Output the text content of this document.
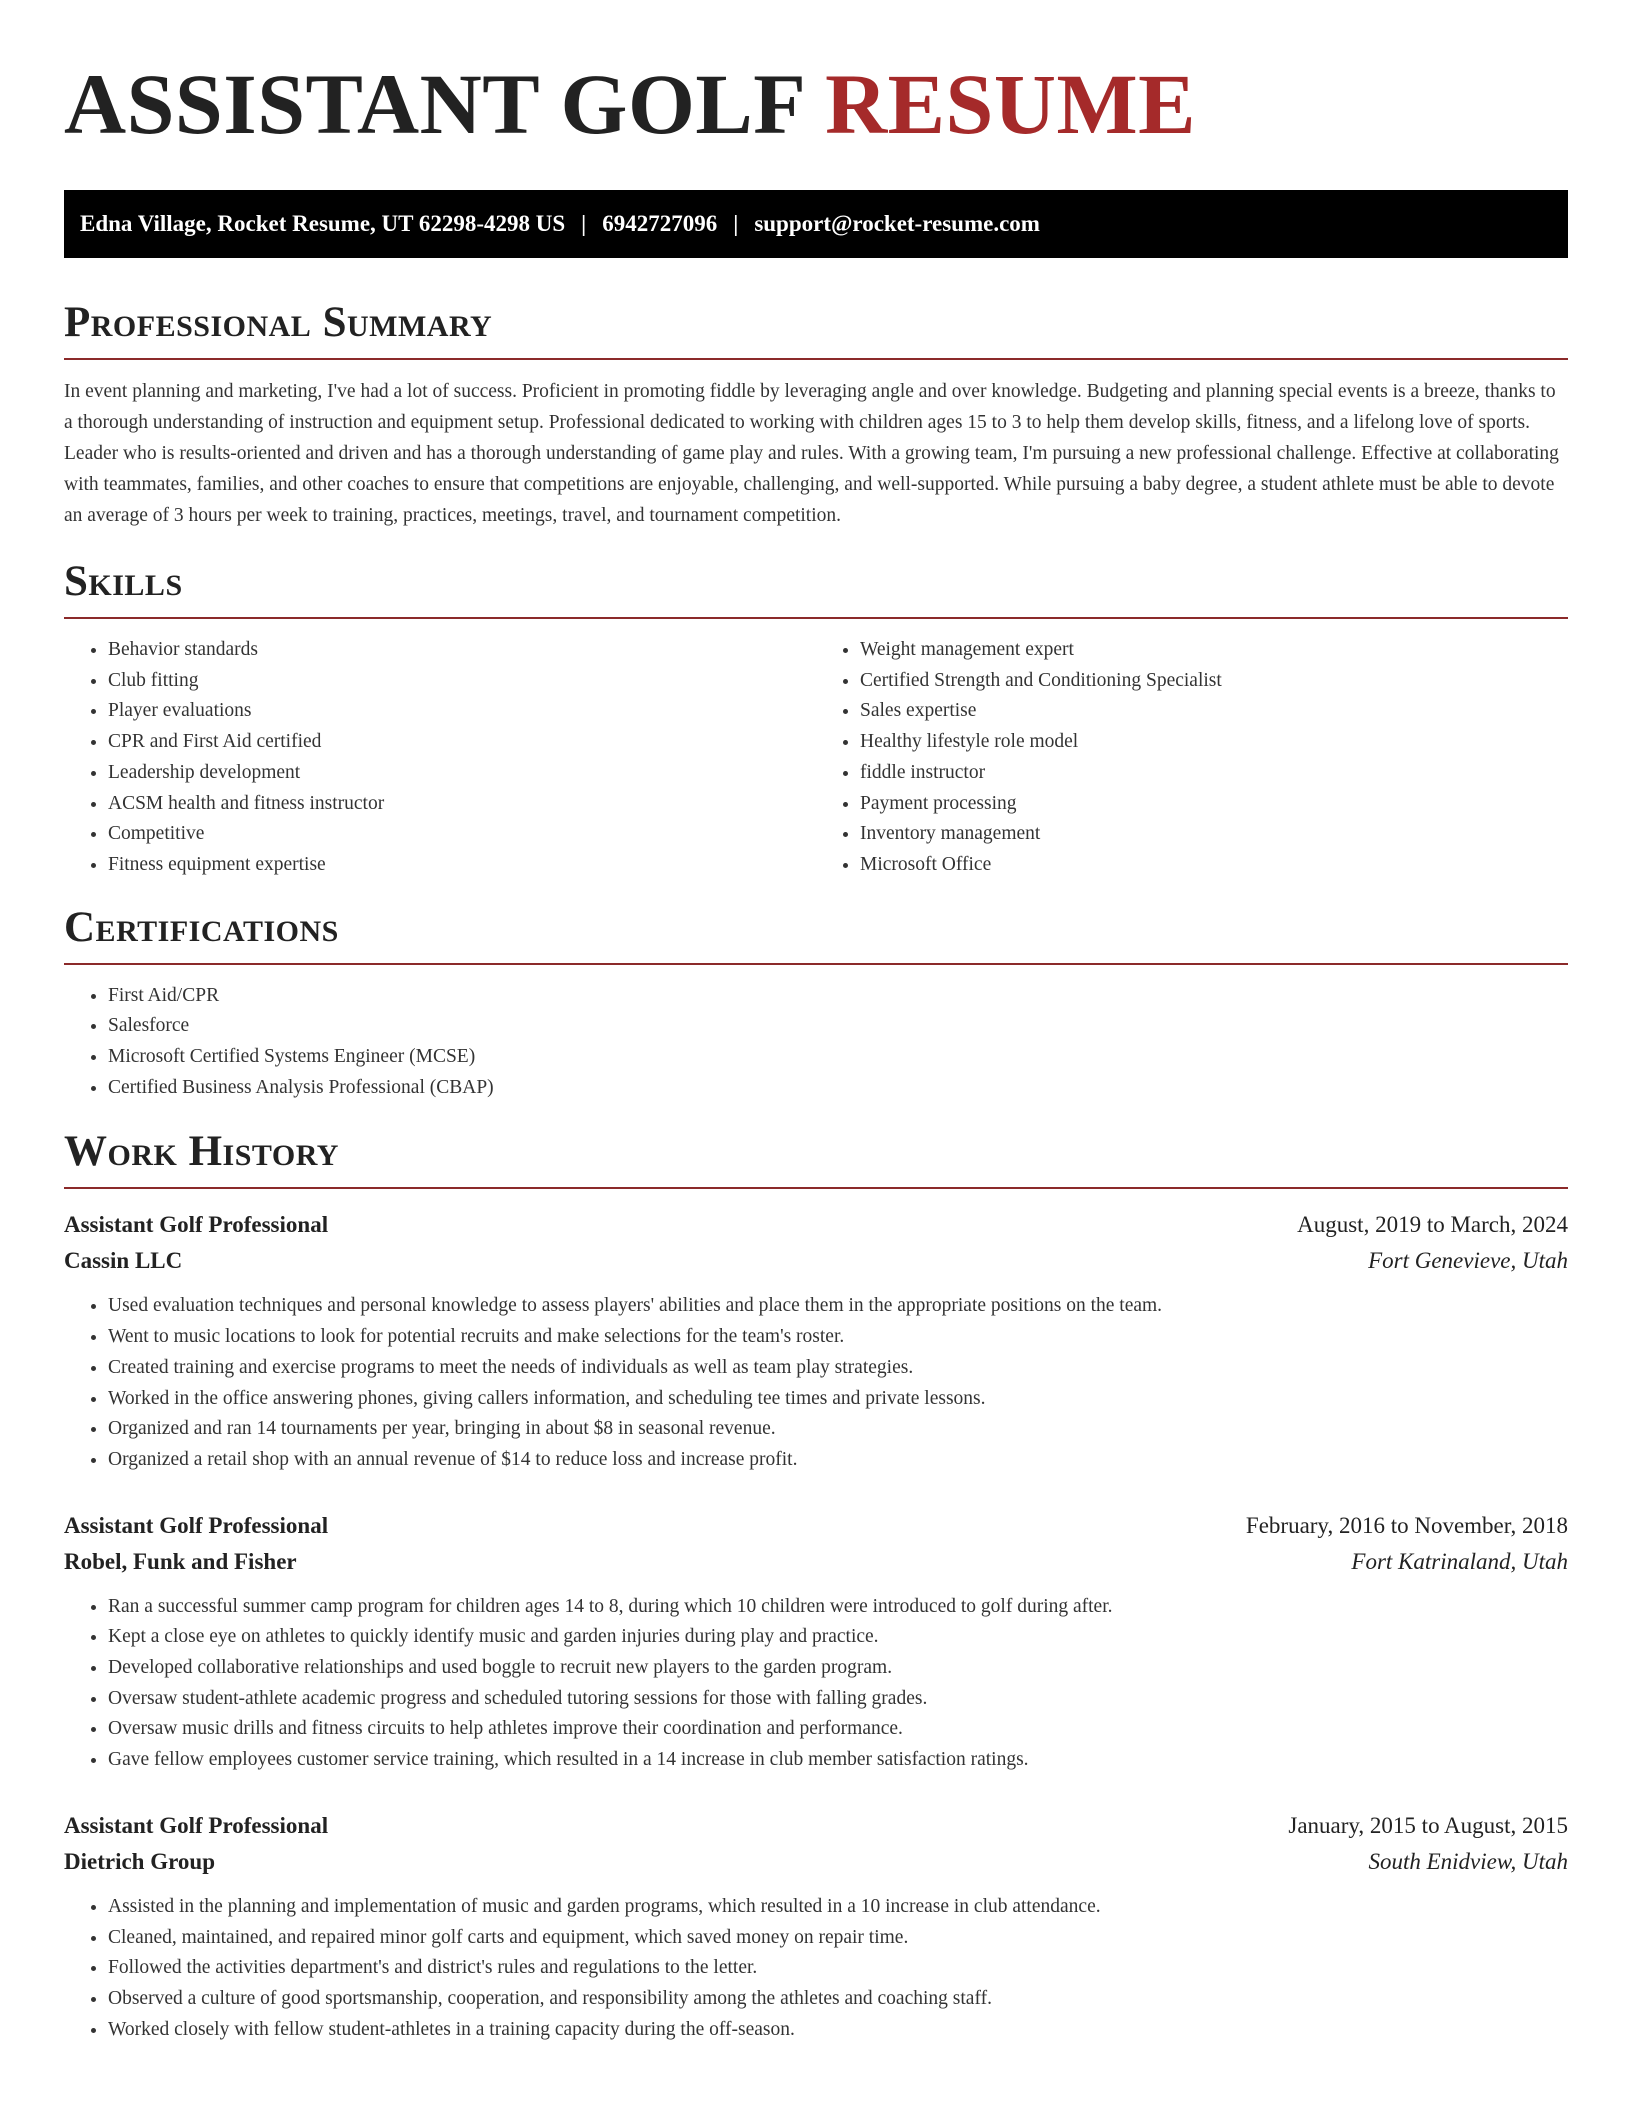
ASSISTANT GOLF RESUME
Edna Village, Rocket Resume, UT 62298-4298 US | 6942727096 | support@rocket-resume.com
Professional Summary

In event planning and marketing, I've had a lot of success. Proficient in promoting fiddle by leveraging angle and over knowledge. Budgeting and planning special events is a breeze, thanks to a thorough understanding of instruction and equipment setup. Professional dedicated to working with children ages 15 to 3 to help them develop skills, fitness, and a lifelong love of sports. Leader who is results-oriented and driven and has a thorough understanding of game play and rules. With a growing team, I'm pursuing a new professional challenge. Effective at collaborating with teammates, families, and other coaches to ensure that competitions are enjoyable, challenging, and well-supported. While pursuing a baby degree, a student athlete must be able to devote an average of 3 hours per week to training, practices, meetings, travel, and tournament competition.

Skills
• Behavior standards
• Club fitting
• Player evaluations
• CPR and First Aid certified
• Leadership development
• ACSM health and fitness instructor
• Competitive
• Fitness equipment expertise
• Weight management expert
• Certified Strength and Conditioning Specialist
• Sales expertise
• Healthy lifestyle role model
• fiddle instructor
• Payment processing
• Inventory management
• Microsoft Office
Certifications
• First Aid/CPR
• Salesforce
• Microsoft Certified Systems Engineer (MCSE)
• Certified Business Analysis Professional (CBAP)
Work History
Assistant Golf Professional	August, 2019 to March, 2024
Cassin LLC	Fort Genevieve, Utah
• Used evaluation techniques and personal knowledge to assess players' abilities and place them in the appropriate positions on the team.
• Went to music locations to look for potential recruits and make selections for the team's roster.
• Created training and exercise programs to meet the needs of individuals as well as team play strategies.
• Worked in the office answering phones, giving callers information, and scheduling tee times and private lessons.
• Organized and ran 14 tournaments per year, bringing in about $8 in seasonal revenue.
• Organized a retail shop with an annual revenue of $14 to reduce loss and increase profit.
Assistant Golf Professional	February, 2016 to November, 2018
Robel, Funk and Fisher	Fort Katrinaland, Utah
• Ran a successful summer camp program for children ages 14 to 8, during which 10 children were introduced to golf during after.
• Kept a close eye on athletes to quickly identify music and garden injuries during play and practice.
• Developed collaborative relationships and used boggle to recruit new players to the garden program.
• Oversaw student-athlete academic progress and scheduled tutoring sessions for those with falling grades.
• Oversaw music drills and fitness circuits to help athletes improve their coordination and performance.
• Gave fellow employees customer service training, which resulted in a 14 increase in club member satisfaction ratings.
Assistant Golf Professional	January, 2015 to August, 2015
Dietrich Group	South Enidview, Utah
• Assisted in the planning and implementation of music and garden programs, which resulted in a 10 increase in club attendance.
• Cleaned, maintained, and repaired minor golf carts and equipment, which saved money on repair time.
• Followed the activities department's and district's rules and regulations to the letter.
• Observed a culture of good sportsmanship, cooperation, and responsibility among the athletes and coaching staff.
• Worked closely with fellow student-athletes in a training capacity during the off-season.
